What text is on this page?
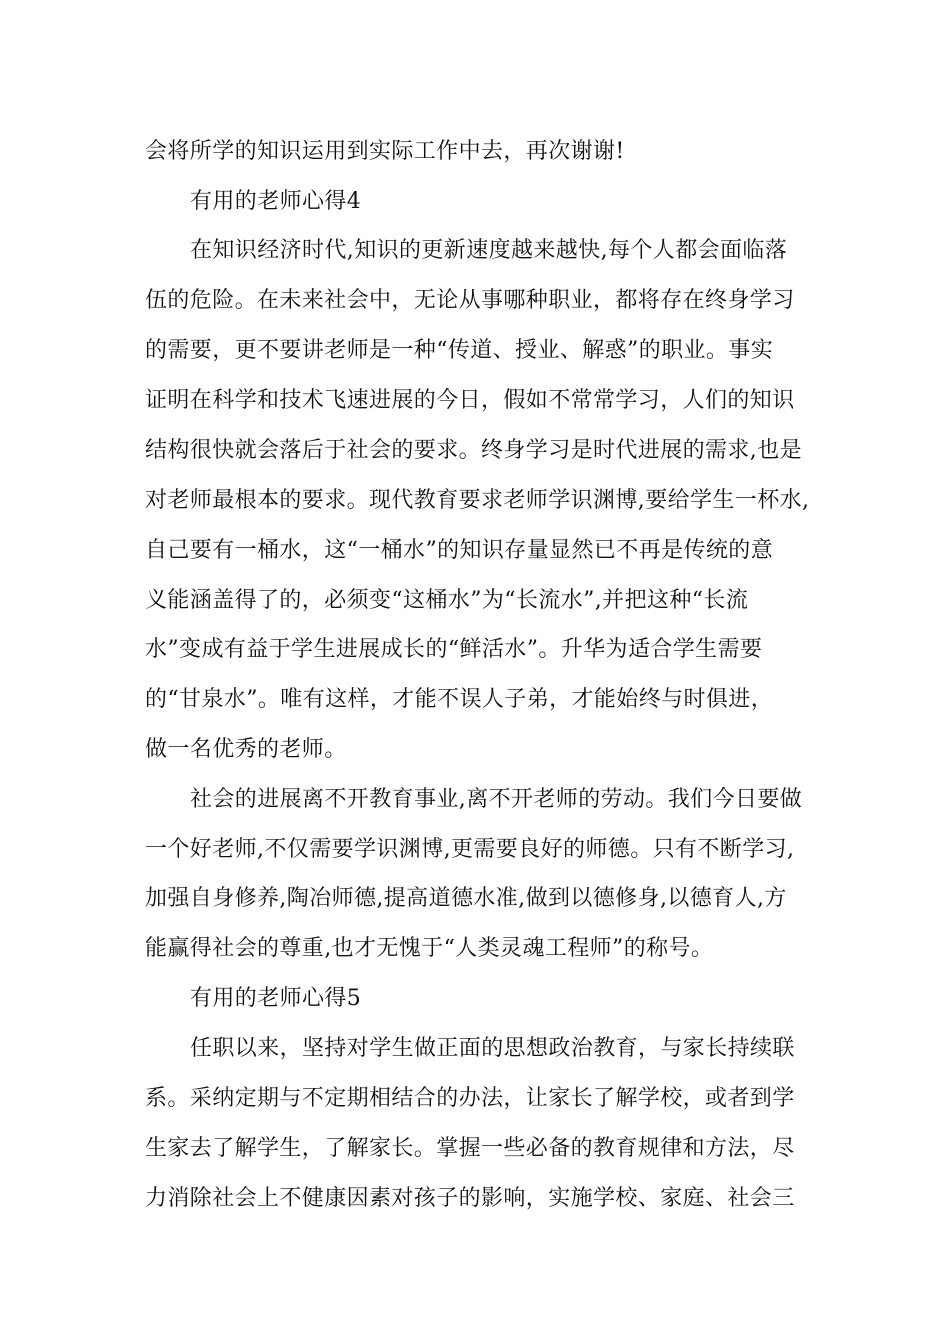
会将所学的知识运用到实际工作中去，再次谢谢!
有用的老师心得4
在知识经济时代,知识的更新速度越来越快,每个人都会面临落
伍的危险。在未来社会中，无论从事哪种职业，都将存在终身学习
的需要，更不要讲老师是一种“传道、授业、解惑”的职业。事实
证明在科学和技术飞速进展的今日，假如不常常学习，人们的知识
结构很快就会落后于社会的要求。终身学习是时代进展的需求,也是
对老师最根本的要求。现代教育要求老师学识渊博,要给学生一杯水,
自己要有一桶水，这“一桶水”的知识存量显然已不再是传统的意
义能涵盖得了的，必须变“这桶水”为“长流水”,并把这种“长流
水”变成有益于学生进展成长的“鲜活水”。升华为适合学生需要
的“甘泉水”。唯有这样，才能不误人子弟，才能始终与时俱进，
做一名优秀的老师。
社会的进展离不开教育事业,离不开老师的劳动。我们今日要做
一个好老师,不仅需要学识渊博,更需要良好的师德。只有不断学习,
加强自身修养,陶冶师德,提高道德水准,做到以德修身,以德育人,方
能赢得社会的尊重,也才无愧于“人类灵魂工程师”的称号。
有用的老师心得5
任职以来，坚持对学生做正面的思想政治教育，与家长持续联
系。采纳定期与不定期相结合的办法，让家长了解学校，或者到学
生家去了解学生，了解家长。掌握一些必备的教育规律和方法，尽
力消除社会上不健康因素对孩子的影响，实施学校、家庭、社会三
